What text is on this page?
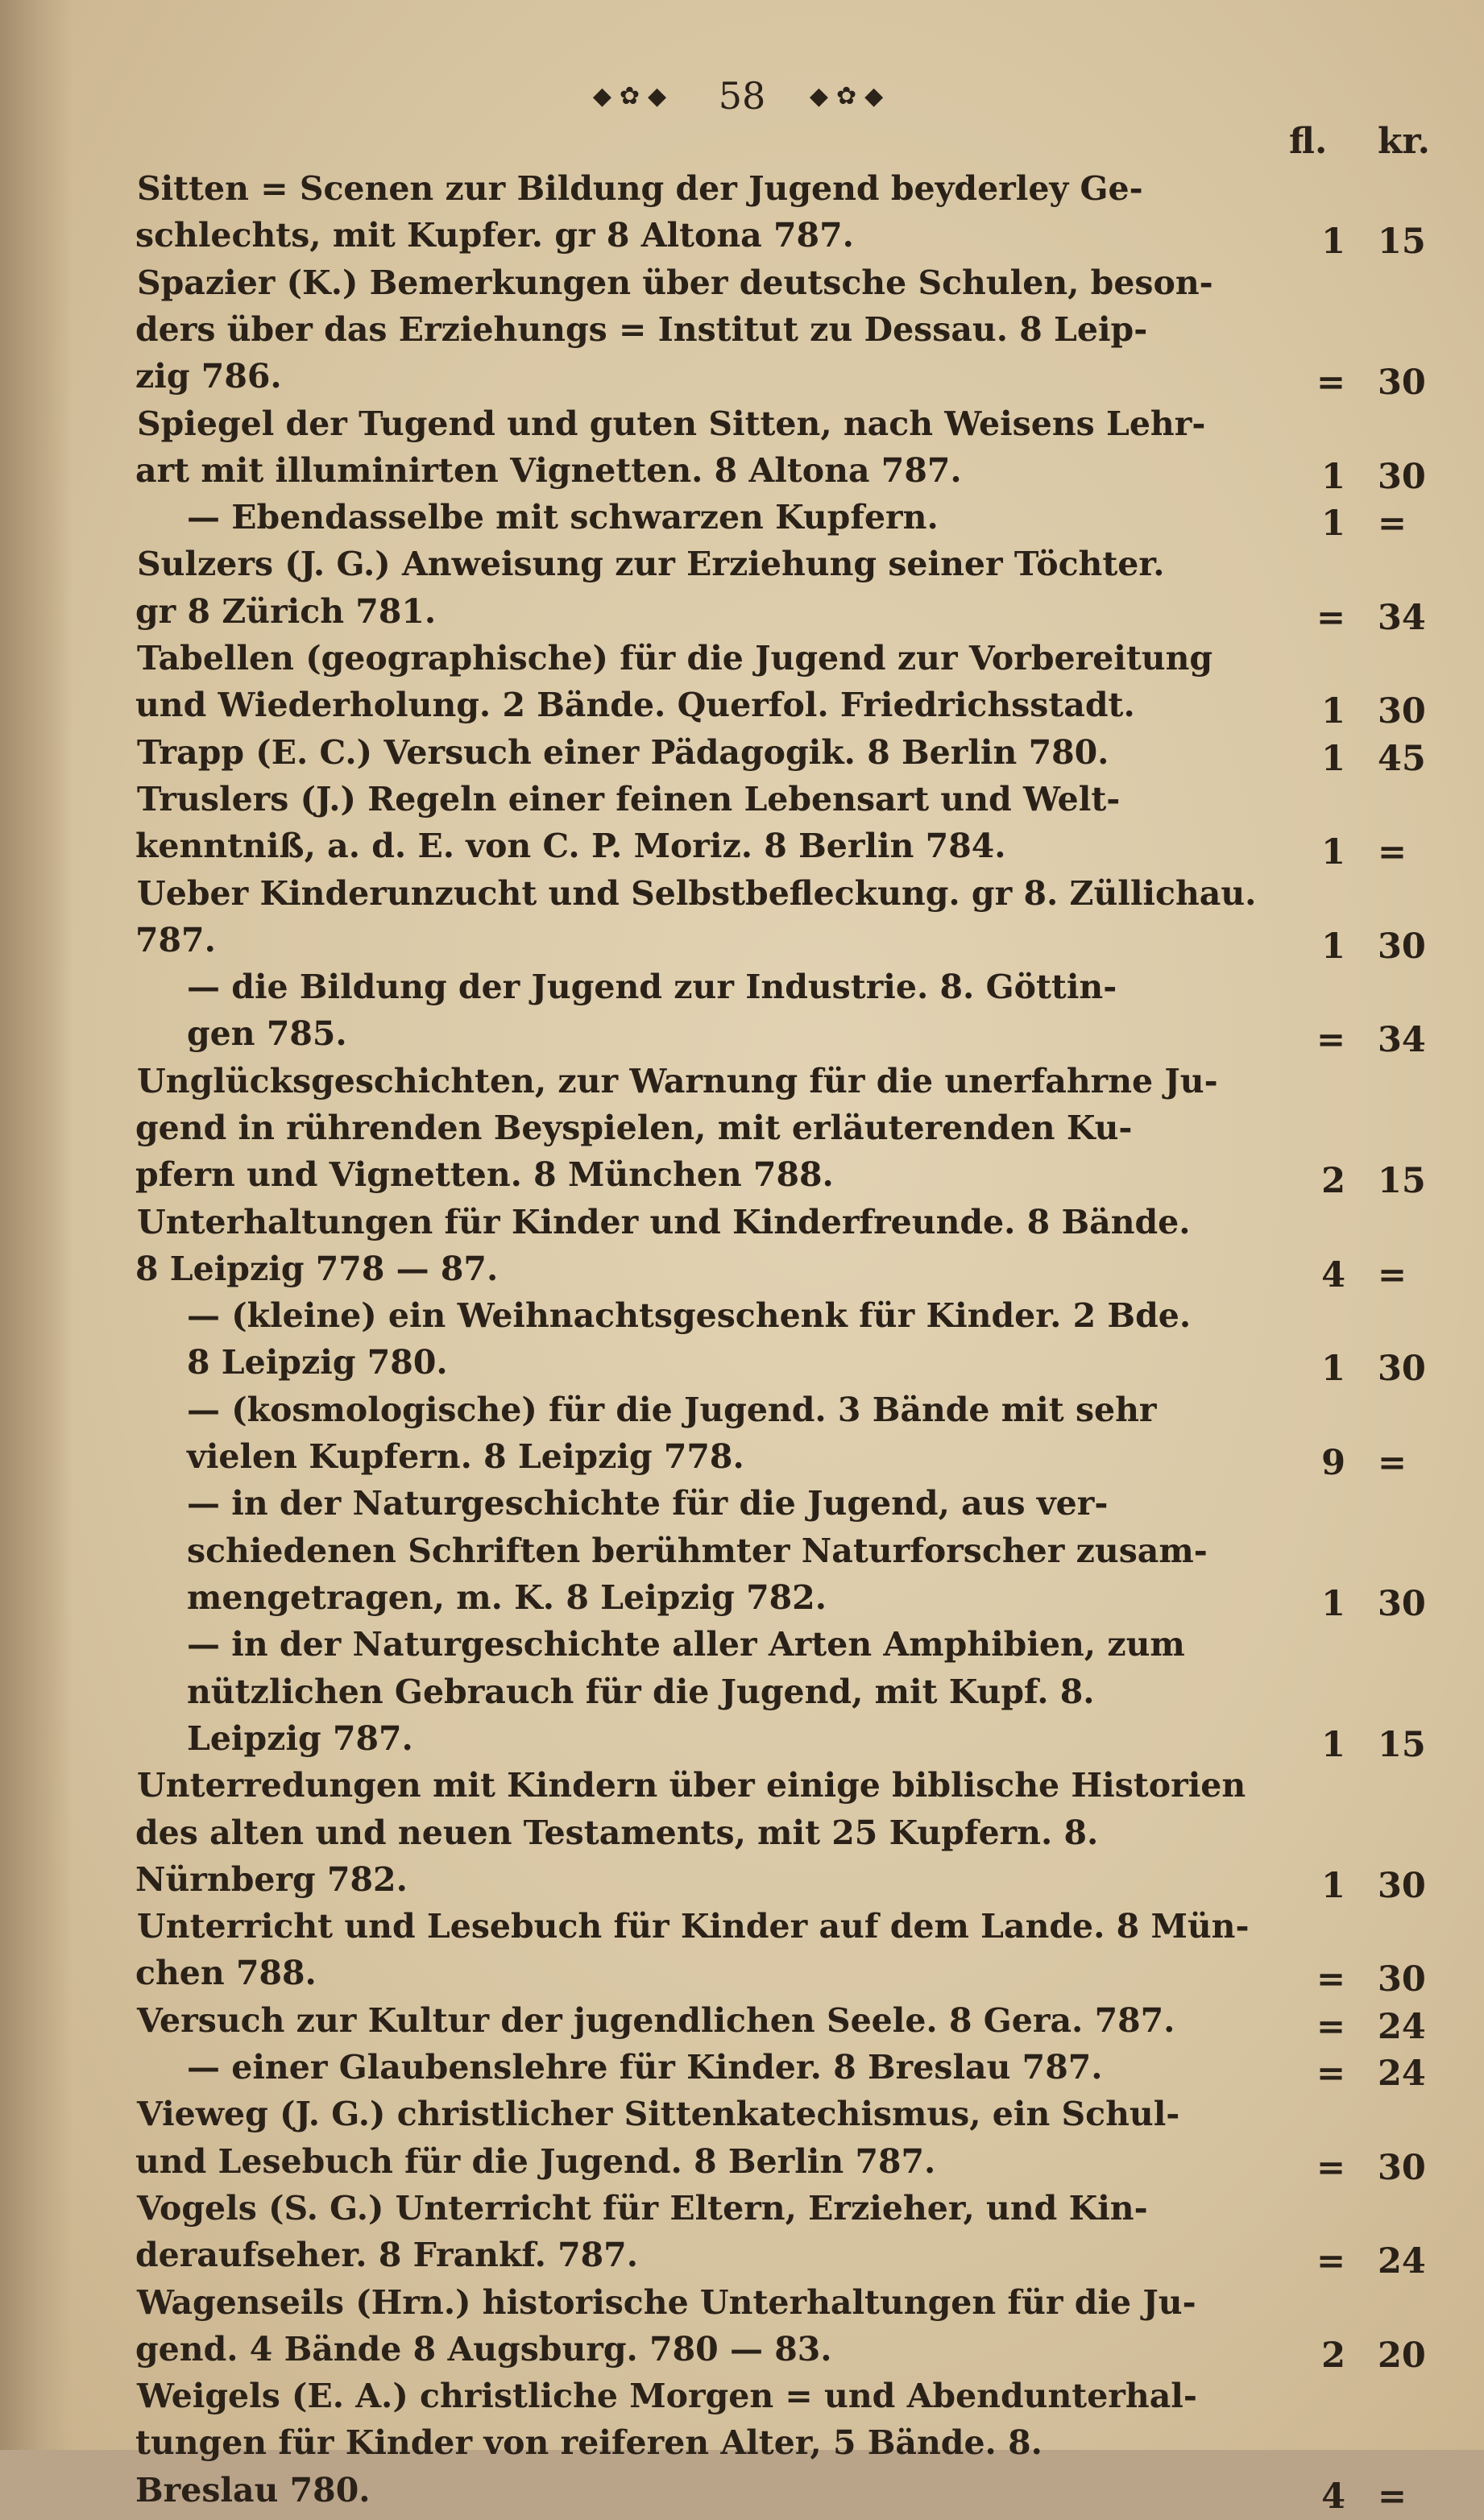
◆✿◆ 58 ◆✿◆
fl. kr.
Sitten = Scenen zur Bildung der Jugend beyderley Ge-
schlechts, mit Kupfer. gr 8 Altona 787.	1 15
Spazier (K.) Bemerkungen über deutsche Schulen, beson-
ders über das Erziehungs = Institut zu Dessau. 8 Leip-
zig 786.	= 30
Spiegel der Tugend und guten Sitten, nach Weisens Lehr-
art mit illuminirten Vignetten. 8 Altona 787.	1 30
— Ebendasselbe mit schwarzen Kupfern.	1 =
Sulzers (J. G.) Anweisung zur Erziehung seiner Töchter.
gr 8 Zürich 781.	= 34
Tabellen (geographische) für die Jugend zur Vorbereitung
und Wiederholung. 2 Bände. Querfol. Friedrichsstadt.	1 30
Trapp (E. C.) Versuch einer Pädagogik. 8 Berlin 780.	1 45
Truslers (J.) Regeln einer feinen Lebensart und Welt-
kenntniß, a. d. E. von C. P. Moriz. 8 Berlin 784.	1 =
Ueber Kinderunzucht und Selbstbefleckung. gr 8. Züllichau.
787.	1 30
— die Bildung der Jugend zur Industrie. 8. Göttin-
gen 785.	= 34
Unglücksgeschichten, zur Warnung für die unerfahrne Ju-
gend in rührenden Beyspielen, mit erläuterenden Ku-
pfern und Vignetten. 8 München 788.	2 15
Unterhaltungen für Kinder und Kinderfreunde. 8 Bände.
8 Leipzig 778 — 87.	4 =
— (kleine) ein Weihnachtsgeschenk für Kinder. 2 Bde.
8 Leipzig 780.	1 30
— (kosmologische) für die Jugend. 3 Bände mit sehr
vielen Kupfern. 8 Leipzig 778.	9 =
— in der Naturgeschichte für die Jugend, aus ver-
schiedenen Schriften berühmter Naturforscher zusam-
mengetragen, m. K. 8 Leipzig 782.	1 30
— in der Naturgeschichte aller Arten Amphibien, zum
nützlichen Gebrauch für die Jugend, mit Kupf. 8.
Leipzig 787.	1 15
Unterredungen mit Kindern über einige biblische Historien
des alten und neuen Testaments, mit 25 Kupfern. 8.
Nürnberg 782.	1 30
Unterricht und Lesebuch für Kinder auf dem Lande. 8 Mün-
chen 788.	= 30
Versuch zur Kultur der jugendlichen Seele. 8 Gera. 787.	= 24
— einer Glaubenslehre für Kinder. 8 Breslau 787.	= 24
Vieweg (J. G.) christlicher Sittenkatechismus, ein Schul-
und Lesebuch für die Jugend. 8 Berlin 787.	= 30
Vogels (S. G.) Unterricht für Eltern, Erzieher, und Kin-
deraufseher. 8 Frankf. 787.	= 24
Wagenseils (Hrn.) historische Unterhaltungen für die Ju-
gend. 4 Bände 8 Augsburg. 780 — 83.	2 20
Weigels (E. A.) christliche Morgen = und Abendunterhal-
tungen für Kinder von reiferen Alter, 5 Bände. 8.
Breslau 780.	4 =
